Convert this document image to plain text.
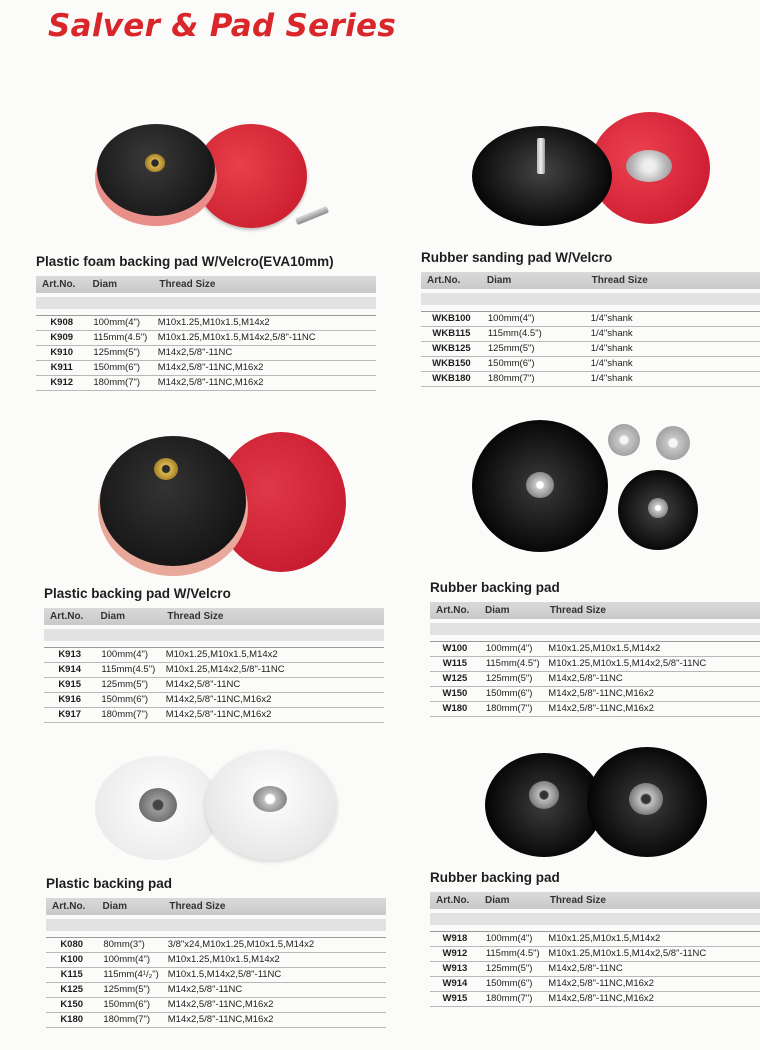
Salver & Pad Series
Plastic foam backing pad W/Velcro(EVA10mm)
Art.No.	Diam	Thread Size
K908	100mm(4")	M10x1.25,M10x1.5,M14x2
K909	115mm(4.5")	M10x1.25,M10x1.5,M14x2,5/8"-11NC
K910	125mm(5")	M14x2,5/8"-11NC
K911	150mm(6")	M14x2,5/8"-11NC,M16x2
K912	180mm(7")	M14x2,5/8"-11NC,M16x2
Rubber sanding pad W/Velcro
Art.No.	Diam	Thread Size
WKB100	100mm(4")	1/4"shank
WKB115	115mm(4.5")	1/4"shank
WKB125	125mm(5")	1/4"shank
WKB150	150mm(6")	1/4"shank
WKB180	180mm(7")	1/4"shank
Plastic backing pad W/Velcro
Art.No.	Diam	Thread Size
K913	100mm(4")	M10x1.25,M10x1.5,M14x2
K914	115mm(4.5")	M10x1.25,M14x2,5/8"-11NC
K915	125mm(5")	M14x2,5/8"-11NC
K916	150mm(6")	M14x2,5/8"-11NC,M16x2
K917	180mm(7")	M14x2,5/8"-11NC,M16x2
Rubber backing pad
Art.No.	Diam	Thread Size
W100	100mm(4")	M10x1.25,M10x1.5,M14x2
W115	115mm(4.5") M10x1.25,M10x1.5,M14x2,5/8"-11NC
W125	125mm(5")	M14x2,5/8"-11NC
W150	150mm(6")	M14x2,5/8"-11NC,M16x2
W180	180mm(7")	M14x2,5/8"-11NC,M16x2
Plastic backing pad
Art.No.	Diam	Thread Size
K080	80mm(3")	3/8"x24,M10x1.25,M10x1.5,M14x2
K100	100mm(4")	M10x1.25,M10x1.5,M14x2
K115	115mm(4¹/₂") M10x1.5,M14x2,5/8"-11NC
K125	125mm(5")	M14x2,5/8"-11NC
K150	150mm(6")	M14x2,5/8"-11NC,M16x2
K180	180mm(7")	M14x2,5/8"-11NC,M16x2
Rubber backing pad
Art.No.	Diam	Thread Size
W918	100mm(4")	M10x1.25,M10x1.5,M14x2
W912	115mm(4.5") M10x1.25,M10x1.5,M14x2,5/8"-11NC
W913	125mm(5")	M14x2,5/8"-11NC
W914	150mm(6")	M14x2,5/8"-11NC,M16x2
W915	180mm(7")	M14x2,5/8"-11NC,M16x2
